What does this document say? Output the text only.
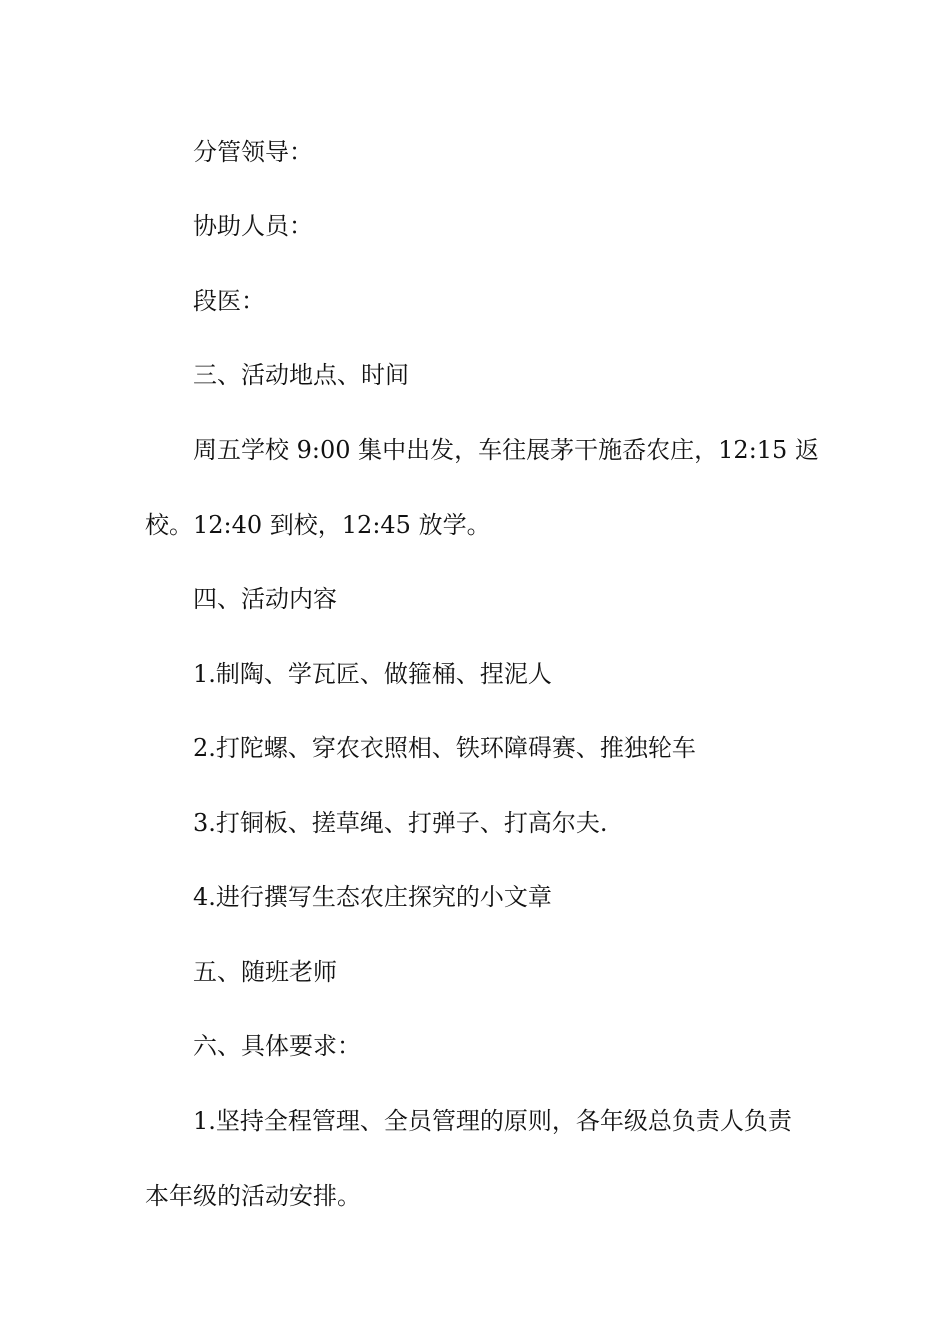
分管领导：
协助人员：
段医：
三、活动地点、时间
周五学校 9:00 集中出发，车往展茅干施岙农庄，12:15 返
校。12:40 到校，12:45 放学。
四、活动内容
1.制陶、学瓦匠、做箍桶、捏泥人
2.打陀螺、穿农衣照相、铁环障碍赛、推独轮车
3.打铜板、搓草绳、打弹子、打高尔夫.
4.进行撰写生态农庄探究的小文章
五、随班老师
六、具体要求：
1.坚持全程管理、全员管理的原则，各年级总负责人负责
本年级的活动安排。
